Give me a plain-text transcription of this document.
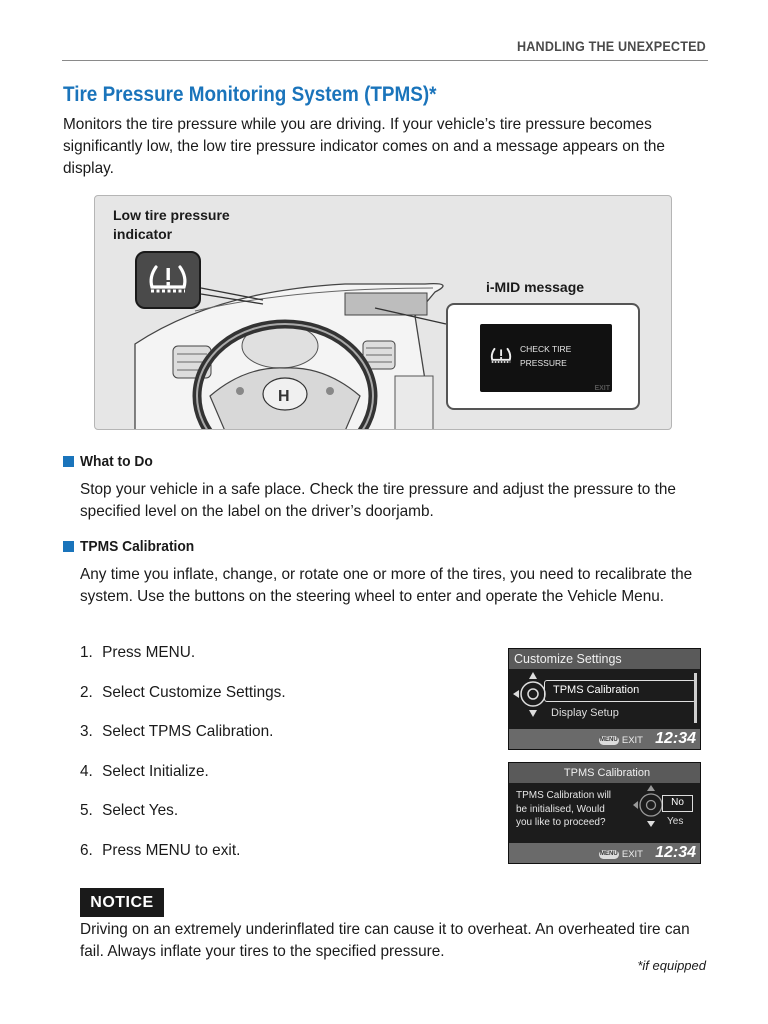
HANDLING THE UNEXPECTED
Tire Pressure Monitoring System (TPMS)*

Monitors the tire pressure while you are driving. If your vehicle’s tire pressure becomes significantly low, the low tire pressure indicator comes on and a message appears on the display.

H
Low tire pressure indicator
i-MID message
CHECK TIRE
PRESSURE
EXIT
What to Do

Stop your vehicle in a safe place. Check the tire pressure and adjust the pressure to the specified level on the label on the driver’s doorjamb.

TPMS Calibration

Any time you inflate, change, or rotate one or more of the tires, you need to recalibrate the system. Use the buttons on the steering wheel to enter and operate the Vehicle Menu.

1. Press MENU.
2. Select Customize Settings.
3. Select TPMS Calibration.
4. Select Initialize.
5. Select Yes.
6. Press MENU to exit.
Customize Settings
TPMS Calibration
Display Setup
MENU EXIT 12:34
TPMS Calibration
TPMS Calibration will
be initialised, Would
you like to proceed?
No
Yes
MENU EXIT 12:34
NOTICE

Driving on an extremely underinflated tire can cause it to overheat. An overheated tire can fail. Always inflate your tires to the specified pressure.

*if equipped
